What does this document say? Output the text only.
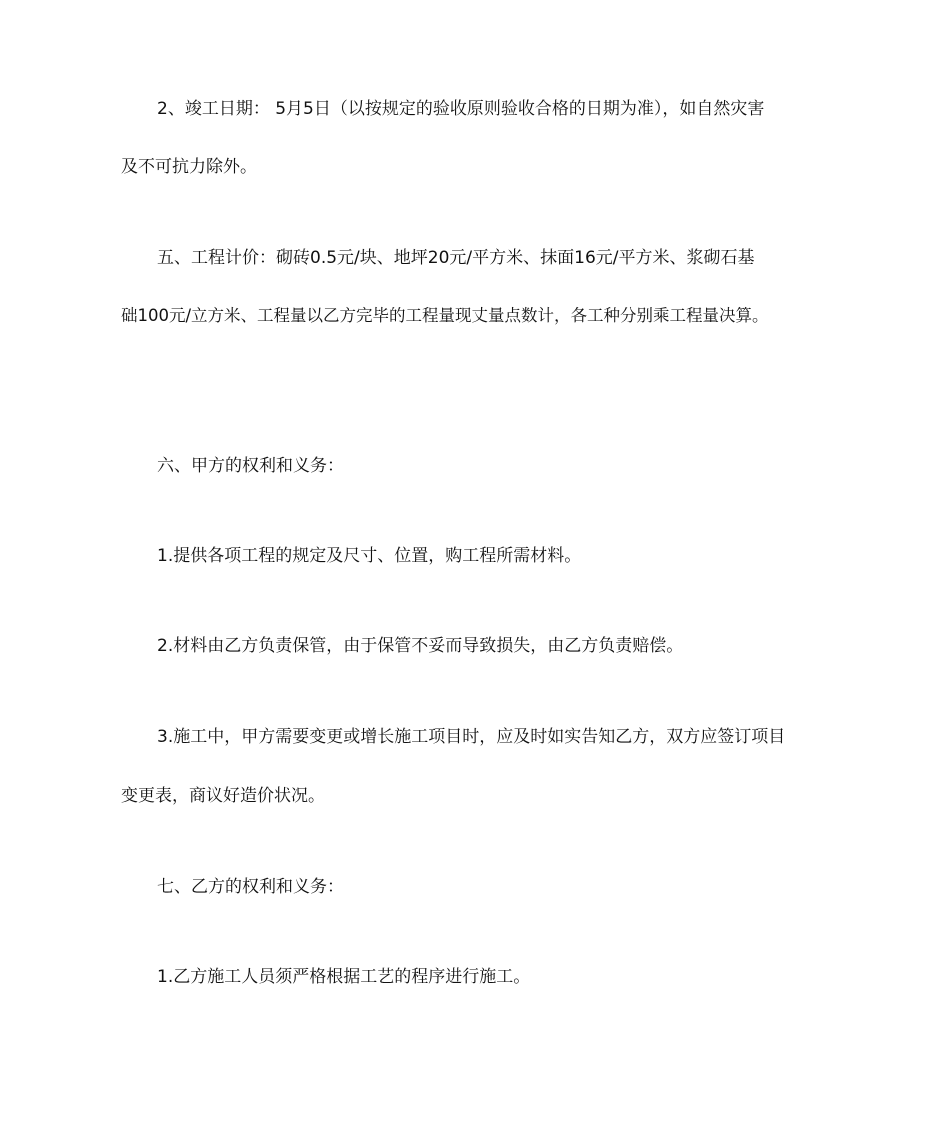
2、竣工日期： 5月5日（以按规定的验收原则验收合格的日期为准），如自然灾害
及不可抗力除外。
五、工程计价：砌砖0.5元/块、地坪20元/平方米、抹面16元/平方米、浆砌石基
础100元/立方米、工程量以乙方完毕的工程量现丈量点数计，各工种分别乘工程量决算。
六、甲方的权利和义务：
1.提供各项工程的规定及尺寸、位置，购工程所需材料。
2.材料由乙方负责保管，由于保管不妥而导致损失，由乙方负责赔偿。
3.施工中，甲方需要变更或增长施工项目时，应及时如实告知乙方，双方应签订项目
变更表，商议好造价状况。
七、乙方的权利和义务：
1.乙方施工人员须严格根据工艺的程序进行施工。
